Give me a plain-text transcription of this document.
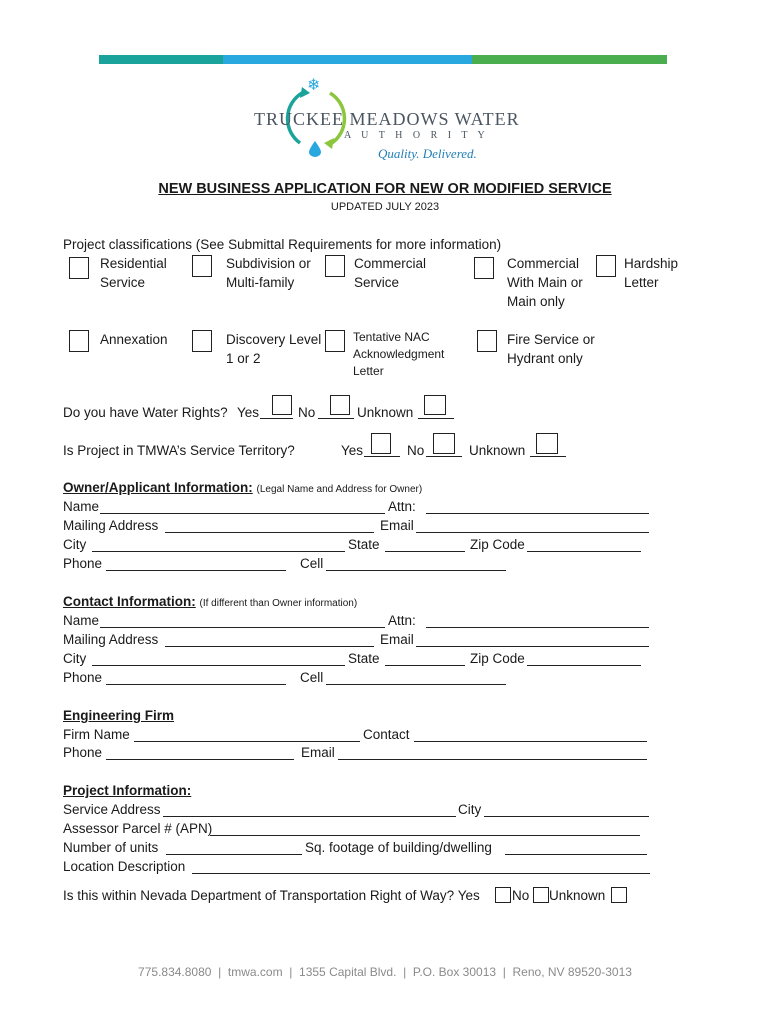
❄
TRUCKEE MEADOWS WATER
A U T H O R I T Y
Quality. Delivered.
NEW BUSINESS APPLICATION FOR NEW OR MODIFIED SERVICE
UPDATED JULY 2023
Project classifications (See Submittal Requirements for more information)
Residential
Service
Subdivision or
Multi-family
Commercial
Service
Commercial
With Main or
Main only
Hardship
Letter
Annexation	Discovery Level
1 or 2
Tentative NAC
Acknowledgment
Letter
Fire Service or
Hydrant only
Do you have Water Rights? Yes	No	Unknown
Is Project in TMWA’s Service Territory?	Yes	No	Unknown
Owner/Applicant Information: (Legal Name and Address for Owner)
Name	Attn:
Mailing Address	Email
City	State	Zip Code
Phone	Cell
Contact Information: (If different than Owner information)
Name	Attn:
Mailing Address	Email
City	State	Zip Code
Phone	Cell
Engineering Firm
Firm Name	Contact
Phone	Email
Project Information:
Service Address	City
Assessor Parcel # (APN)
Number of units	Sq. footage of building/dwelling
Location Description
Is this within Nevada Department of Transportation Right of Way? Yes No Unknown
775.834.8080  |  tmwa.com  |  1355 Capital Blvd.  |  P.O. Box 30013  |  Reno, NV 89520-3013
